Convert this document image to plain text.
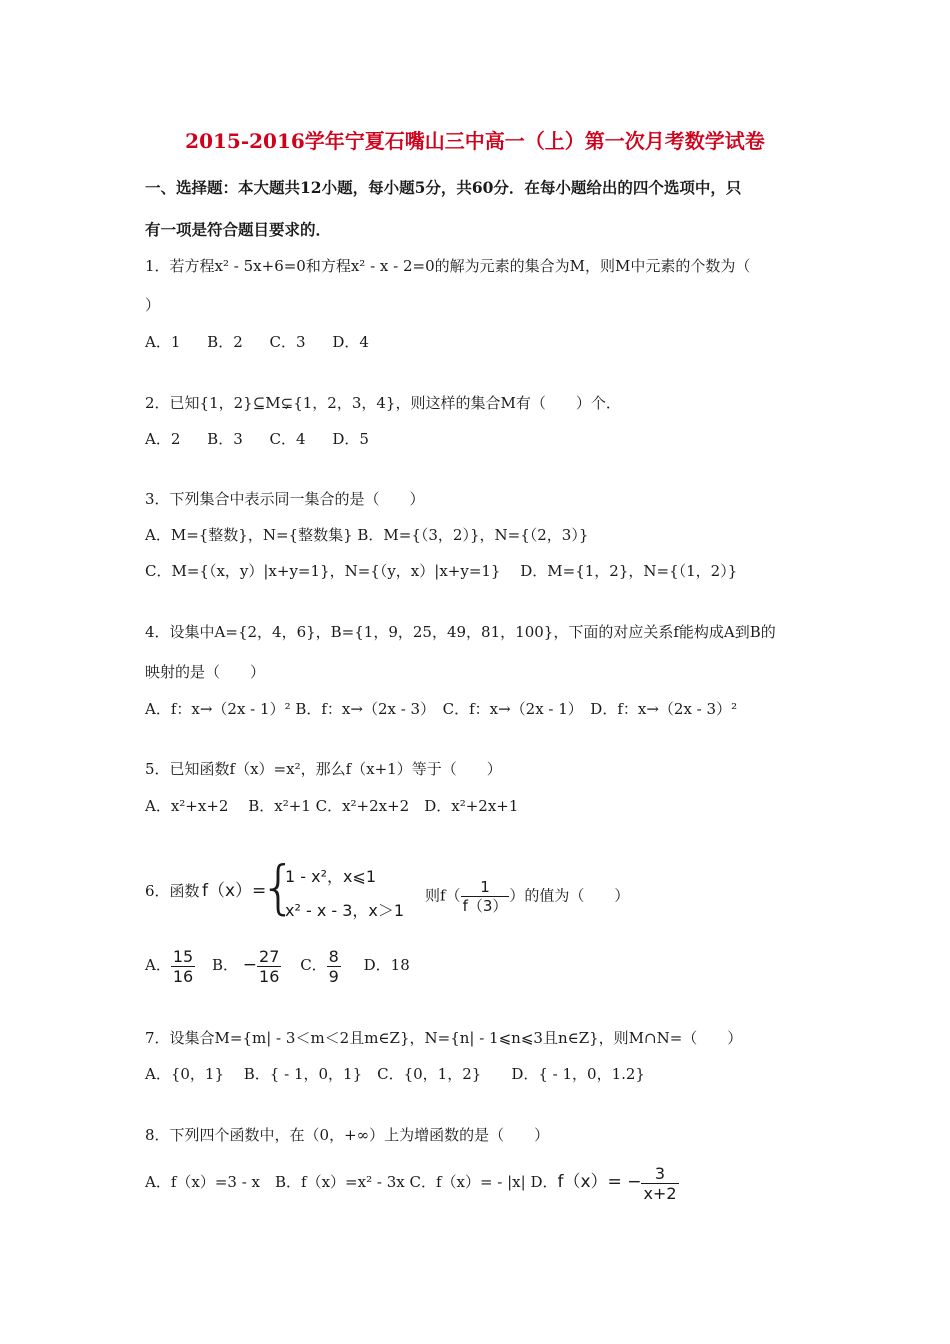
2015-2016学年宁夏石嘴山三中高一（上）第一次月考数学试卷
一、选择题：本大题共12小题，每小题5分，共60分．在每小题给出的四个选项中，只
有一项是符合题目要求的．
1．若方程x² - 5x+6=0和方程x² - x - 2=0的解为元素的集合为M，则M中元素的个数为（
）
A．1 B．2 C．3 D．4
2．已知{1，2}⊆M⊊{1，2，3，4}，则这样的集合M有（　　）个．
A．2 B．3 C．4 D．5
3．下列集合中表示同一集合的是（　　）
A．M={整数}，N={整数集} B．M={（3，2）}，N={（2，3）}
C．M={（x，y）|x+y=1}，N={（y，x）|x+y=1}　 D．M={1，2}，N={（1，2）}
4．设集中A={2，4，6}，B={1，9，25，49，81，100}，下面的对应关系f能构成A到B的
映射的是（　　）
A．f：x→（2x - 1）² B．f：x→（2x - 3）　C．f：x→（2x - 1）　D．f：x→（2x - 3）²
5．已知函数f（x）=x²，那么f（x+1）等于（　　）
A．x²+x+2　 B．x²+1 C．x²+2x+2　D．x²+2x+1
6．函数 f（x）=
{
1 - x²，x⩽1
x² - x - 3，x＞1
则$f( \frac{1}{f(3)}$ ）的值为（　　）
A． $\frac{15}{16}$ B． − $\frac{27}{16}$ C． $\frac{8}{9}$ D．18
7．设集合M={m| - 3＜m＜2且m∈Z}，N={n| - 1⩽n⩽3且n∈Z}，则M∩N=（　　）
A．{0，1}　 B．{ - 1，0，1}　C．{0，1，2}　　D．{ - 1，0，1.2}
8．下列四个函数中，在（0，+∞）上为增函数的是（　　）
A．f（x）=3 - x　B．f（x）=x² - 3x C．f（x）= - |x| D．$f(x)= - \frac{3}{x+2}$
